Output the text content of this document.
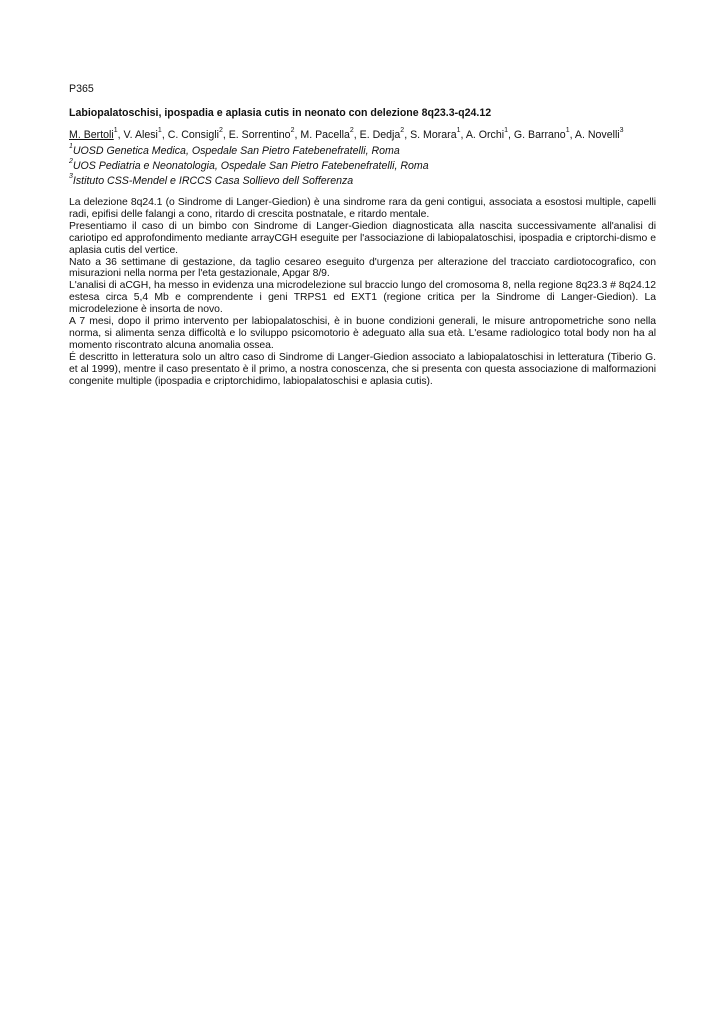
P365

Labiopalatoschisi, ipospadia e aplasia cutis in neonato con delezione 8q23.3-q24.12

M. Bertoli$^1$, V. Alesi$^1$, C. Consigli$^2$, E. Sorrentino$^2$, M. Pacella$^2$, E. Dedja$^2$, S. Morara$^1$, A. Orchi$^1$, G. Barrano$^1$, A. Novelli$^3$

$^1$UOSD Genetica Medica, Ospedale San Pietro Fatebenefratelli, Roma

$^2$UOS Pediatria e Neonatologia, Ospedale San Pietro Fatebenefratelli, Roma

$^3$Istituto CSS-Mendel e IRCCS Casa Sollievo dell Sofferenza

La delezione 8q24.1 (o Sindrome di Langer-Giedion) è una sindrome rara da geni contigui, associata a esostosi multiple, capelli radi, epifisi delle falangi a cono, ritardo di crescita postnatale, e ritardo mentale.

Presentiamo il caso di un bimbo con Sindrome di Langer-Giedion diagnosticata alla nascita successivamente all'analisi di cariotipo ed approfondimento mediante arrayCGH eseguite per l'associazione di labiopalatoschisi, ipospadia e criptorchi-dismo e aplasia cutis del vertice.

Nato a 36 settimane di gestazione, da taglio cesareo eseguito d'urgenza per alterazione del tracciato cardiotocografico, con misurazioni nella norma per l'eta gestazionale, Apgar 8/9.

L'analisi di aCGH, ha messo in evidenza una microdelezione sul braccio lungo del cromosoma 8, nella regione 8q23.3 # 8q24.12 estesa circa 5,4 Mb e comprendente i geni TRPS1 ed EXT1 (regione critica per la Sindrome di Langer-Giedion). La microdelezione è insorta de novo.

A 7 mesi, dopo il primo intervento per labiopalatoschisi, è in buone condizioni generali, le misure antropometriche sono nella norma, si alimenta senza difficoltà e lo sviluppo psicomotorio è adeguato alla sua età. L'esame radiologico total body non ha al momento riscontrato alcuna anomalia ossea.

É descritto in letteratura solo un altro caso di Sindrome di Langer-Giedion associato a labiopalatoschisi in letteratura (Tiberio G. et al 1999), mentre il caso presentato è il primo, a nostra conoscenza, che si presenta con questa associazione di malformazioni congenite multiple (ipospadia e criptorchidimo, labiopalatoschisi e aplasia cutis).
